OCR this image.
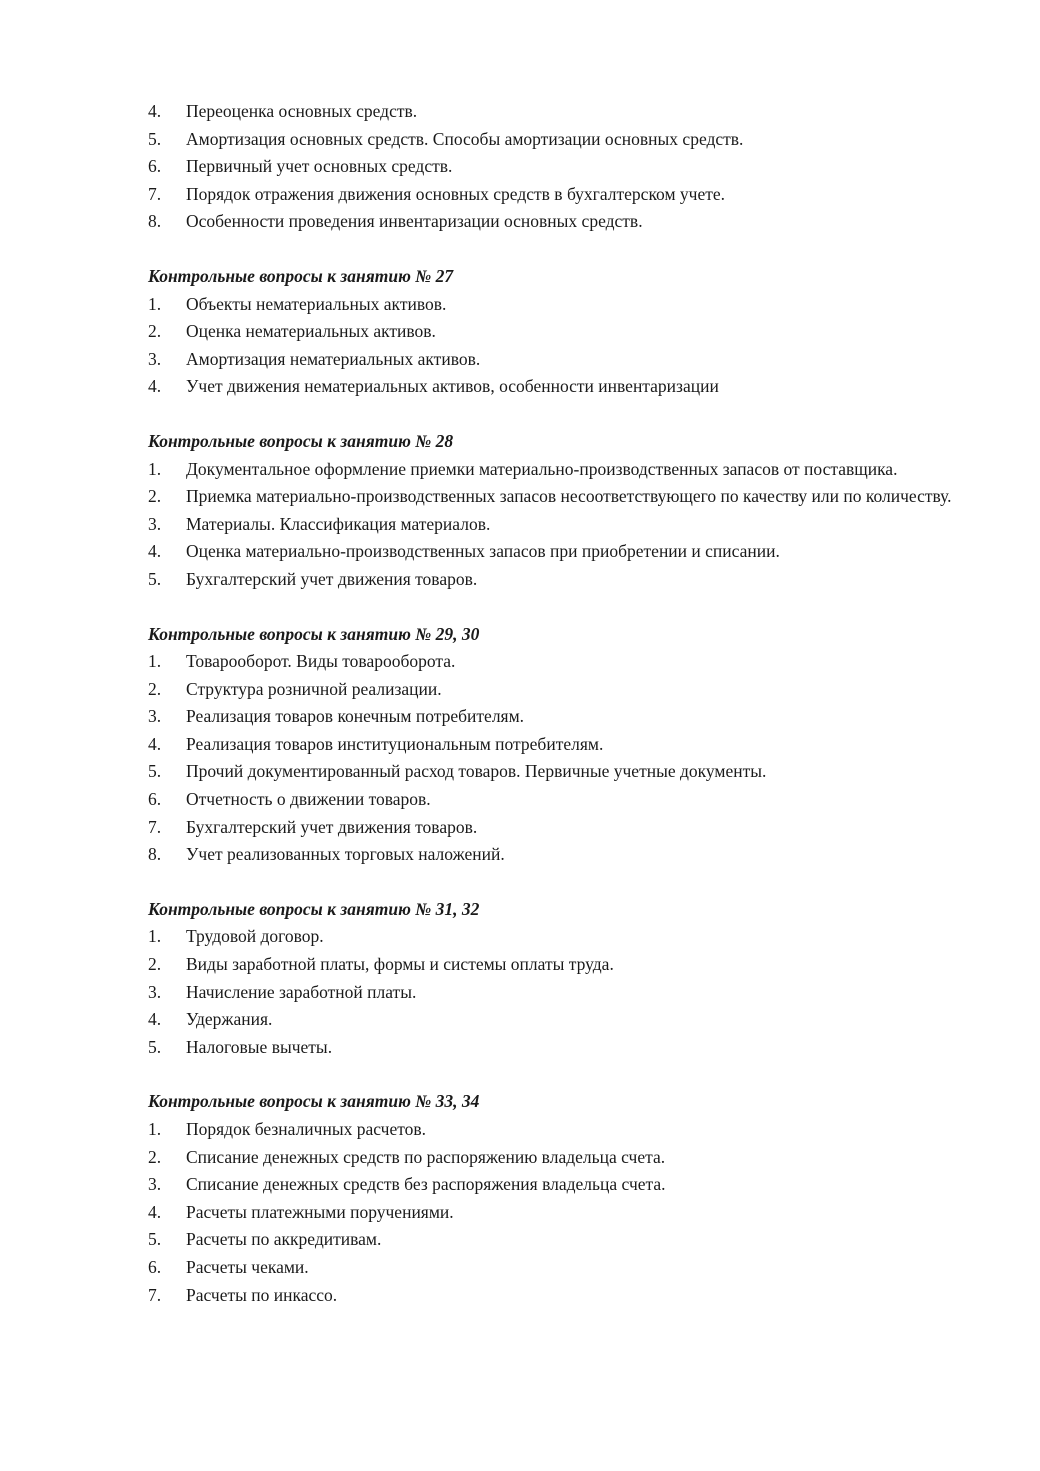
4.	Переоценка основных средств.
5.	Амортизация основных средств. Способы амортизации основных средств.
6.	Первичный учет основных средств.
7.	Порядок отражения движения основных средств в бухгалтерском учете.
8.	Особенности проведения инвентаризации основных средств.

Контрольные вопросы к занятию № 27

1.	Объекты нематериальных активов.
2.	Оценка нематериальных активов.
3.	Амортизация нематериальных активов.
4.	Учет движения нематериальных активов, особенности инвентаризации

Контрольные вопросы к занятию № 28

1.	Документальное оформление приемки материально-производственных запасов от поставщика.
2.	Приемка материально-производственных запасов несоответствующего по качеству или по количеству.
3.	Материалы. Классификация материалов.
4.	Оценка материально-производственных запасов при приобретении и списании.
5.	Бухгалтерский учет движения товаров.

Контрольные вопросы к занятию № 29, 30

1.	Товарооборот. Виды товарооборота.
2.	Структура розничной реализации.
3.	Реализация товаров конечным потребителям.
4.	Реализация товаров институциональным потребителям.
5.	Прочий документированный расход товаров. Первичные учетные документы.
6.	Отчетность о движении товаров.
7.	Бухгалтерский учет движения товаров.
8.	Учет реализованных торговых наложений.

Контрольные вопросы к занятию № 31, 32

1.	Трудовой договор.
2.	Виды заработной платы, формы и системы оплаты труда.
3.	Начисление заработной платы.
4.	Удержания.
5.	Налоговые вычеты.

Контрольные вопросы к занятию № 33, 34

1.	Порядок безналичных расчетов.
2.	Списание денежных средств по распоряжению владельца счета.
3.	Списание денежных средств без распоряжения владельца счета.
4.	Расчеты платежными поручениями.
5.	Расчеты по аккредитивам.
6.	Расчеты чеками.
7.	Расчеты по инкассо.
